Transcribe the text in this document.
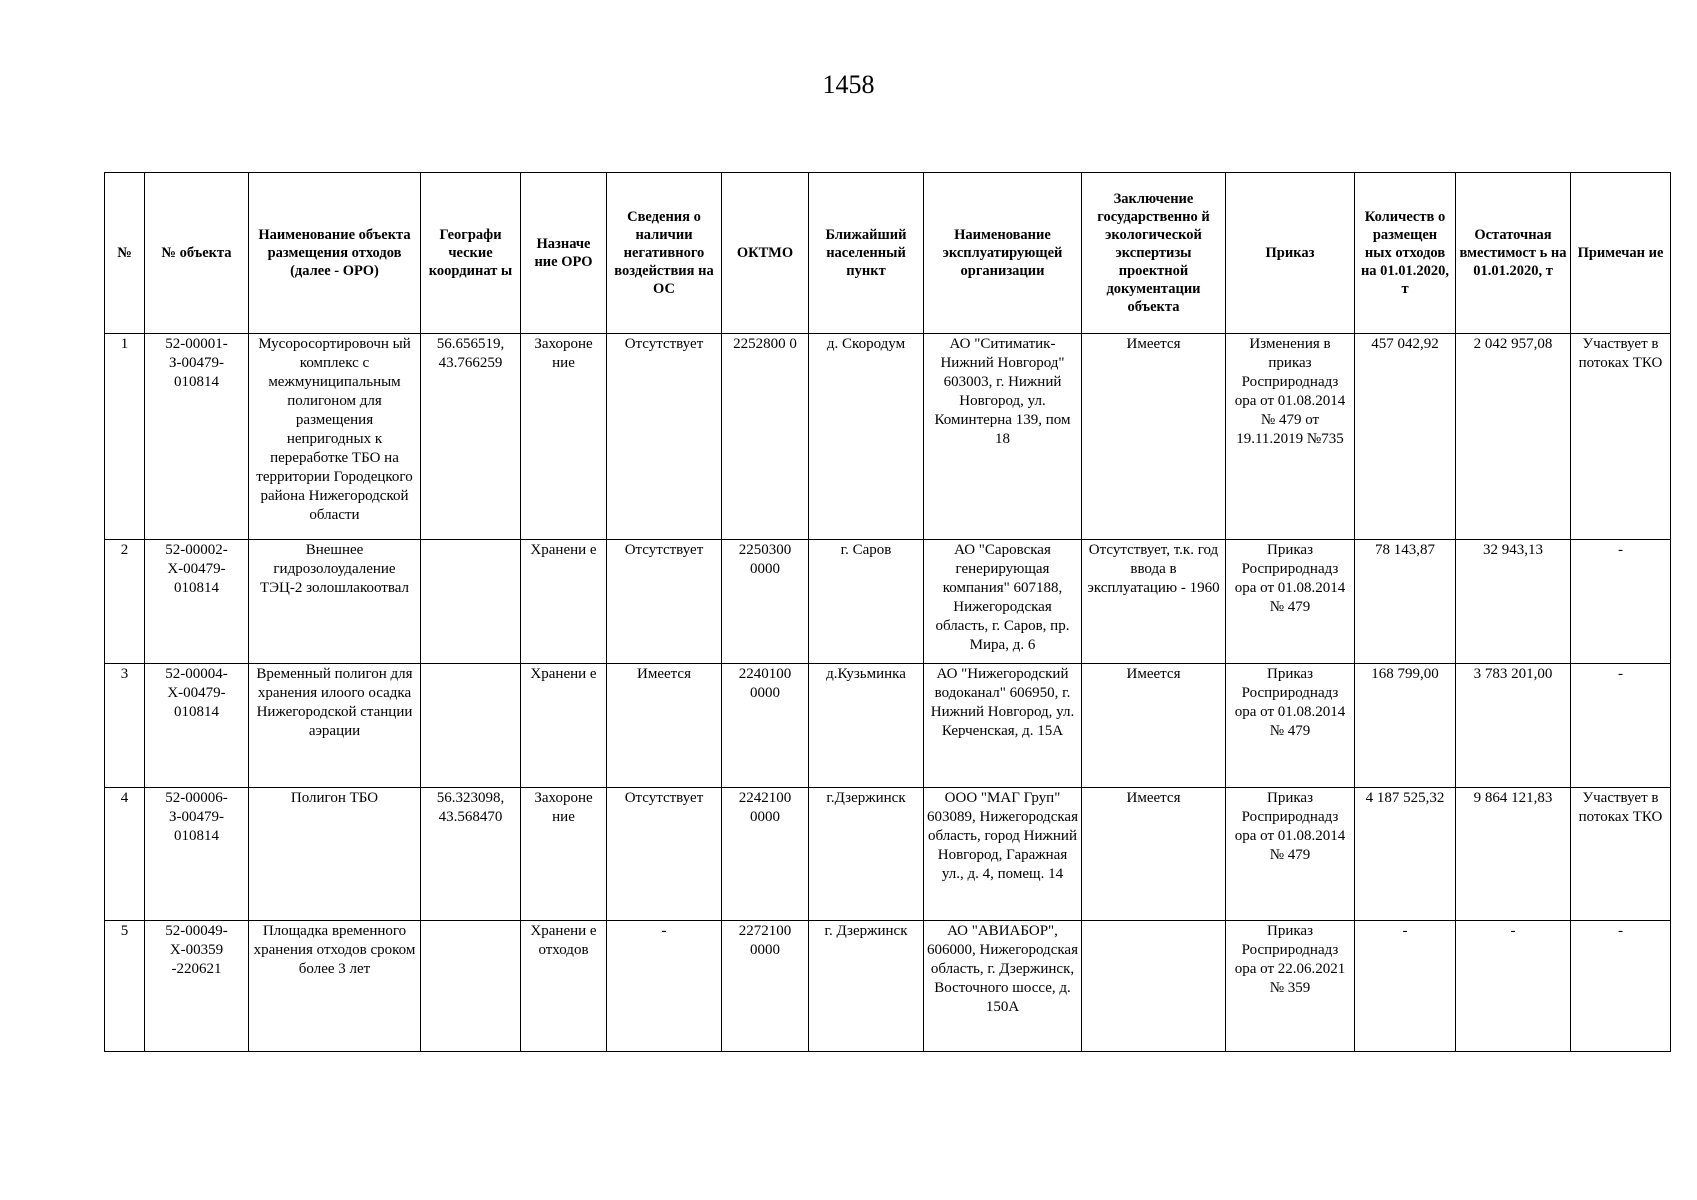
1458
№	№ объекта	Наименование объекта размещения отходов (далее - ОРО)	Географи ческие координат ы	Назначе ние ОРО	Сведения о наличии негативного воздействия на ОС	ОКТМО	Ближайший населенный пункт	Наименование эксплуатирующей организации	Заключение государственно й экологической экспертизы проектной документации объекта	Приказ	Количеств о размещен ных отходов на 01.01.2020, т	Остаточная вместимост ь на 01.01.2020, т	Примечан ие
1	52-00001-З-00479-010814	Мусоросортировочн ый комплекс с межмуниципальным полигоном для размещения непригодных к переработке ТБО на территории Городецкого района Нижегородской области	56.656519, 43.766259	Захороне ние	Отсутствует	2252800 0	д. Скородум	АО "Ситиматик-Нижний Новгород" 603003, г. Нижний Новгород, ул. Коминтерна 139, пом 18	Имеется	Изменения в приказ Росприроднадз ора от 01.08.2014 № 479 от 19.11.2019 №735	457 042,92	2 042 957,08	Участвует в потоках ТКО
2	52-00002-Х-00479-010814	Внешнее гидрозолоудаление ТЭЦ-2 золошлакоотвал		Хранени е	Отсутствует	2250300 0000	г. Саров	АО "Саровская генерирующая компания" 607188, Нижегородская область, г. Саров, пр. Мира, д. 6	Отсутствует, т.к. год ввода в эксплуатацию - 1960	Приказ Росприроднадз ора от 01.08.2014 № 479	78 143,87	32 943,13	-
3	52-00004-Х-00479-010814	Временный полигон для хранения илоого осадка Нижегородской станции аэрации		Хранени е	Имеется	2240100 0000	д.Кузьминка	АО "Нижегородский водоканал" 606950, г. Нижний Новгород, ул. Керченская, д. 15А	Имеется	Приказ Росприроднадз ора от 01.08.2014 № 479	168 799,00	3 783 201,00	-
4	52-00006-З-00479-010814	Полигон ТБО	56.323098, 43.568470	Захороне ние	Отсутствует	2242100 0000	г.Дзержинск	ООО "МАГ Груп" 603089, Нижегородская область, город Нижний Новгород, Гаражная ул., д. 4, помещ. 14	Имеется	Приказ Росприроднадз ора от 01.08.2014 № 479	4 187 525,32	9 864 121,83	Участвует в потоках ТКО
5	52-00049-Х-00359 -220621	Площадка временного хранения отходов сроком более 3 лет		Хранени е отходов	-	2272100 0000	г. Дзержинск	АО "АВИАБОР", 606000, Нижегородская область, г. Дзержинск, Восточного шоссе, д. 150А		Приказ Росприроднадз ора от 22.06.2021 № 359	-	-	-
